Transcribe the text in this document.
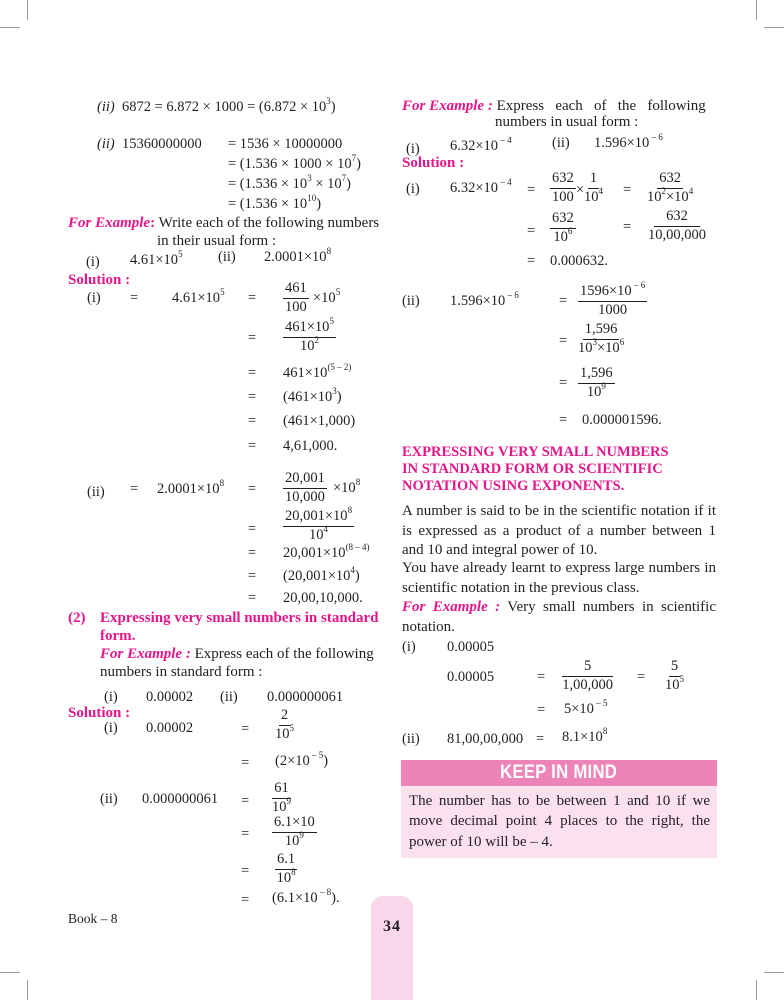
(ii) $6872 = 6.872 \times 1000 = (6.872 \times 10^3)$
(ii) 15360000000 = 1536 × 10000000
= $(1.536 \times 1000 \times 10^7)$
= $(1.536 \times 10^3 \times 10^7)$
= $(1.536 \times 10^{10})$
For Example: Write each of the following numbers
in their usual form :
(i) $4.61\times 10^5$ (ii) $2.0001\times 10^8$
Solution :
$(i) = 4.61\times 10^5 = \frac{461}{100} \times 10^5$
= $\frac{461\times 10^5}{10^2}$
= $461\times 10^{(5 - 2)}$
= $(461\times 10^3)$
= (461×1,000)
= 4,61,000.
$(ii) = 2.0001\times 10^8 = \frac{20,001}{10,000} \times 10^8$
= $\frac{20,001\times 10^8}{10^4}$
= $20,001\times 10^{(8 - 4)}$
= $(20,001\times 10^4)$
= 20,00,10,000.
(2) Expressing very small numbers in standard
form.
For Example : Express each of the following
numbers in standard form :
(i) 0.00002 (ii) 0.000000061
Solution :
(i) 0.00002	= $\frac{2}{10^5}$
= (2×10 $^{- 5}$)
(ii) $0.000000061 = \frac{61}{10^9}$
= $\frac{6.1\times 10}{10^9}$
= $\frac{6.1}{10^8}$
= (6.1×10 $^{- 8}$).
For Example : Express   each   of   the   following
numbers in usual form :
(i) 6.32×10 $^{- 4}$	(ii) 1.596×10 $^{- 6}$
Solution :
(i) 6.32×10 $^{- 4} = \frac{632}{100} \times \frac{1}{10^4} = \frac{632}{10^2\times 10^4}$
= $\frac{632}{10^6}$	= $\frac{632}{10,00,000}$
= 0.000632.
(ii) 1.596×10 $^{- 6}$	= $\frac{1596\times 10 ^{- 6}}{1000}$
= $\frac{1,596}{10^3\times 10^6}$
= $\frac{1,596}{10^9}$
= 0.000001596.
EXPRESSING VERY SMALL NUMBERS
IN STANDARD FORM OR SCIENTIFIC
NOTATION USING EXPONENTS.
A number is said to be in the scientific notation if it is expressed as a product of a number between 1 and 10 and integral power of 10.
You have already learnt to express large numbers in scientific notation in the previous class.
For Example : Very small numbers in scientific notation.
(i) 0.00005
0.00005	= $\frac{5}{1,00,000} = \frac{5}{10^5}$
= 5×10 $^{- 5}$
(ii) $81,00,00,000 = 8.1\times 10^8$
KEEP IN MIND
The number has to be between 1 and 10 if we move decimal point 4 places to the right, the power of 10 will be – 4.
Book – 8	34
